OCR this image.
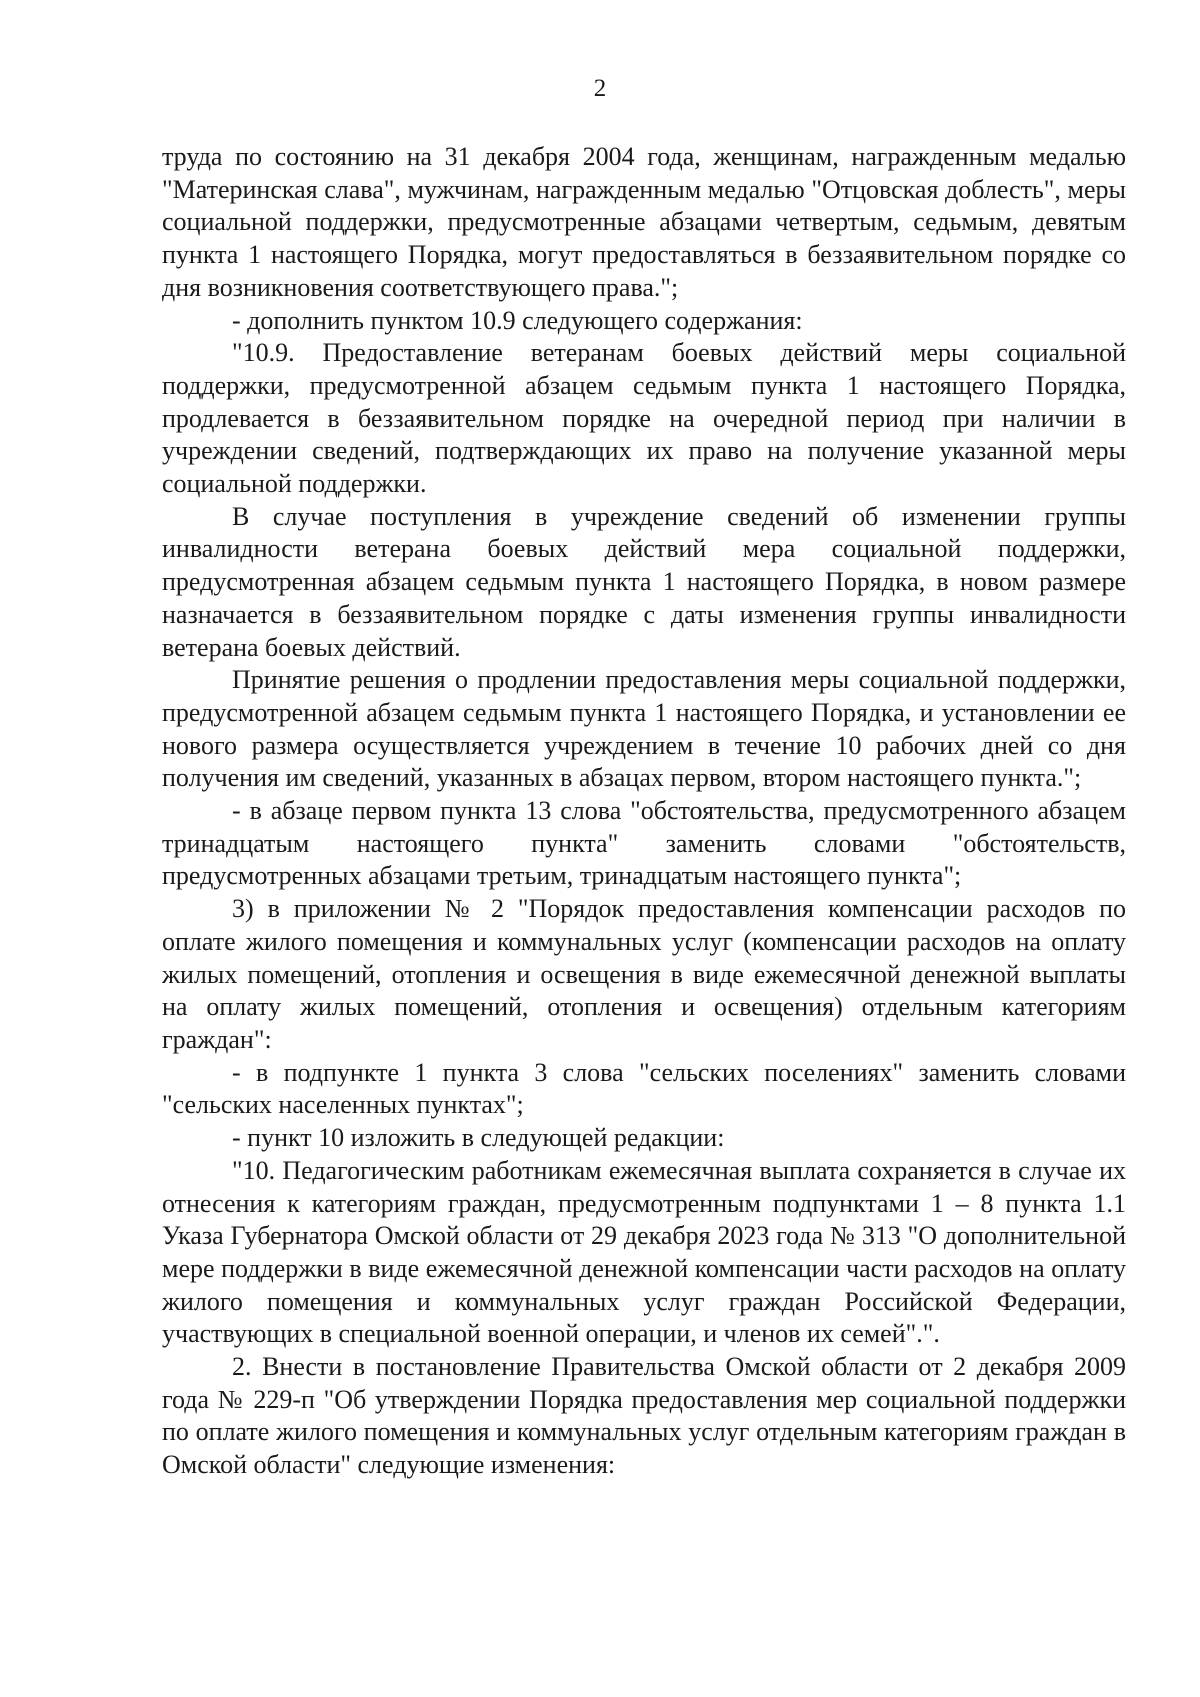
2

труда по состоянию на 31 декабря 2004 года, женщинам, награжденным медалью "Материнская слава", мужчинам, награжденным медалью "Отцовская доблесть", меры социальной поддержки, предусмотренные абзацами четвертым, седьмым, девятым пункта 1 настоящего Порядка, могут предоставляться в беззаявительном порядке со дня возникновения соответствующего права.";

- дополнить пунктом 10.9 следующего содержания:

"10.9. Предоставление ветеранам боевых действий меры социальной поддержки, предусмотренной абзацем седьмым пункта 1 настоящего Порядка, продлевается в беззаявительном порядке на очередной период при наличии в учреждении сведений, подтверждающих их право на получение указанной меры социальной поддержки.

В случае поступления в учреждение сведений об изменении группы инвалидности ветерана боевых действий мера социальной поддержки, предусмотренная абзацем седьмым пункта 1 настоящего Порядка, в новом размере назначается в беззаявительном порядке с даты изменения группы инвалидности ветерана боевых действий.

Принятие решения о продлении предоставления меры социальной поддержки, предусмотренной абзацем седьмым пункта 1 настоящего Порядка, и установлении ее нового размера осуществляется учреждением в течение 10 рабочих дней со дня получения им сведений, указанных в абзацах первом, втором настоящего пункта.";

- в абзаце первом пункта 13 слова "обстоятельства, предусмотренного абзацем тринадцатым настоящего пункта" заменить словами "обстоятельств, предусмотренных абзацами третьим, тринадцатым настоящего пункта";

3) в приложении № 2 "Порядок предоставления компенсации расходов по оплате жилого помещения и коммунальных услуг (компенсации расходов на оплату жилых помещений, отопления и освещения в виде ежемесячной денежной выплаты на оплату жилых помещений, отопления и освещения) отдельным категориям граждан":

- в подпункте 1 пункта 3 слова "сельских поселениях" заменить словами "сельских населенных пунктах";

- пункт 10 изложить в следующей редакции:

"10. Педагогическим работникам ежемесячная выплата сохраняется в случае их отнесения к категориям граждан, предусмотренным подпунктами 1 – 8 пункта 1.1 Указа Губернатора Омской области от 29 декабря 2023 года № 313 "О дополнительной мере поддержки в виде ежемесячной денежной компенсации части расходов на оплату жилого помещения и коммунальных услуг граждан Российской Федерации, участвующих в специальной военной операции, и членов их семей".".

2. Внести в постановление Правительства Омской области от 2 декабря 2009 года № 229-п "Об утверждении Порядка предоставления мер социальной поддержки по оплате жилого помещения и коммунальных услуг отдельным категориям граждан в Омской области" следующие изменения:
